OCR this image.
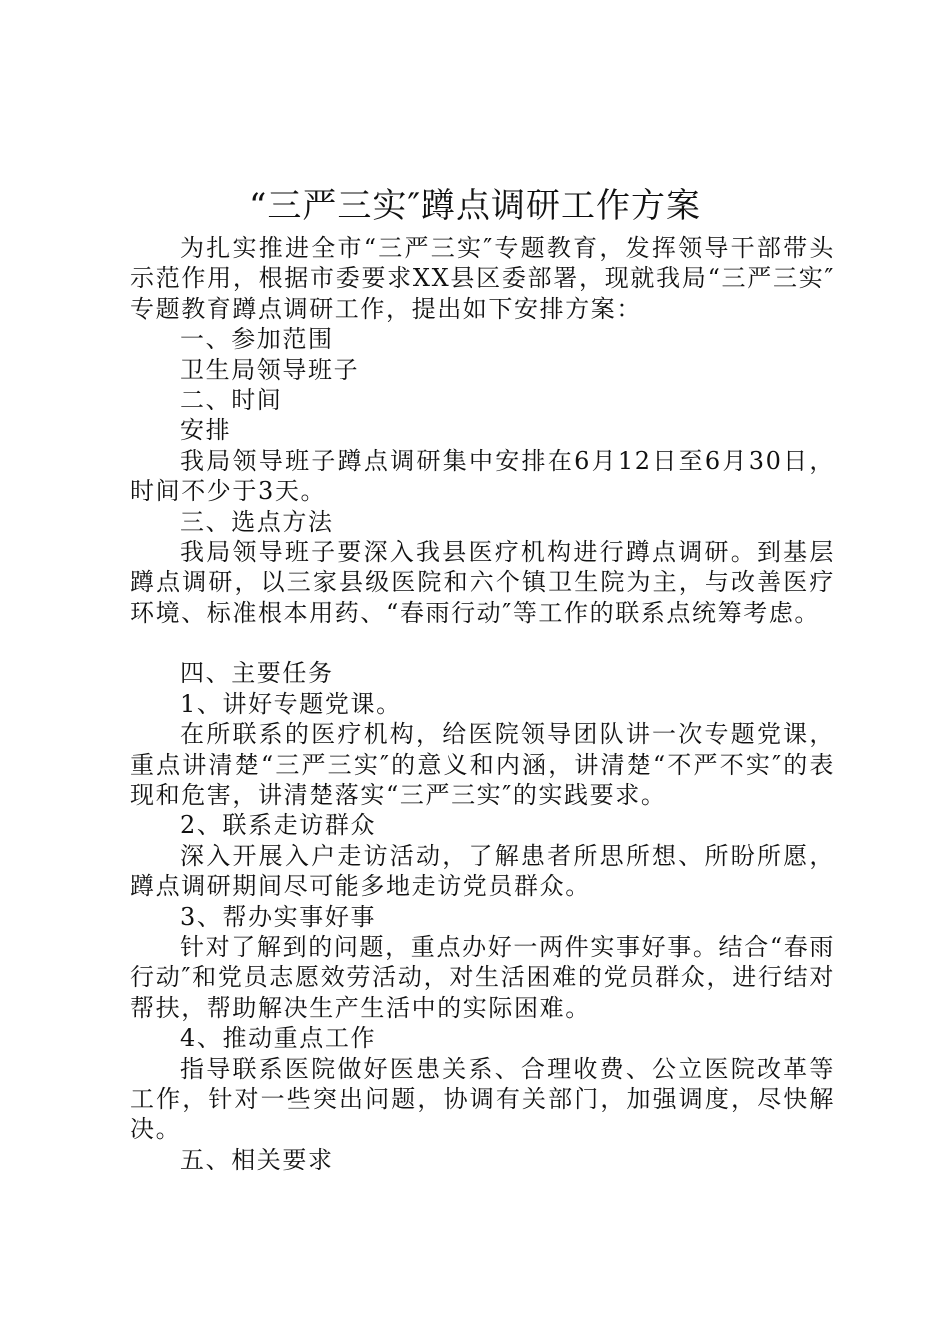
“三严三实″蹲点调研工作方案

为扎实推进全市“三严三实″专题教育，发挥领导干部带头示范作用，根据市委要求XX县区委部署，现就我局“三严三实″专题教育蹲点调研工作，提出如下安排方案：

一、参加范围

卫生局领导班子

二、时间

安排

我局领导班子蹲点调研集中安排在6月12日至6月30日，时间不少于3天。

三、选点方法

我局领导班子要深入我县医疗机构进行蹲点调研。到基层蹲点调研，以三家县级医院和六个镇卫生院为主，与改善医疗环境、标准根本用药、“春雨行动″等工作的联系点统筹考虑。

四、主要任务

1、讲好专题党课。

在所联系的医疗机构，给医院领导团队讲一次专题党课，重点讲清楚“三严三实″的意义和内涵，讲清楚“不严不实″的表现和危害，讲清楚落实“三严三实″的实践要求。

2、联系走访群众

深入开展入户走访活动，了解患者所思所想、所盼所愿，蹲点调研期间尽可能多地走访党员群众。

3、帮办实事好事

针对了解到的问题，重点办好一两件实事好事。结合“春雨行动″和党员志愿效劳活动，对生活困难的党员群众，进行结对帮扶，帮助解决生产生活中的实际困难。

4、推动重点工作

指导联系医院做好医患关系、合理收费、公立医院改革等工作，针对一些突出问题，协调有关部门，加强调度，尽快解决。

五、相关要求
